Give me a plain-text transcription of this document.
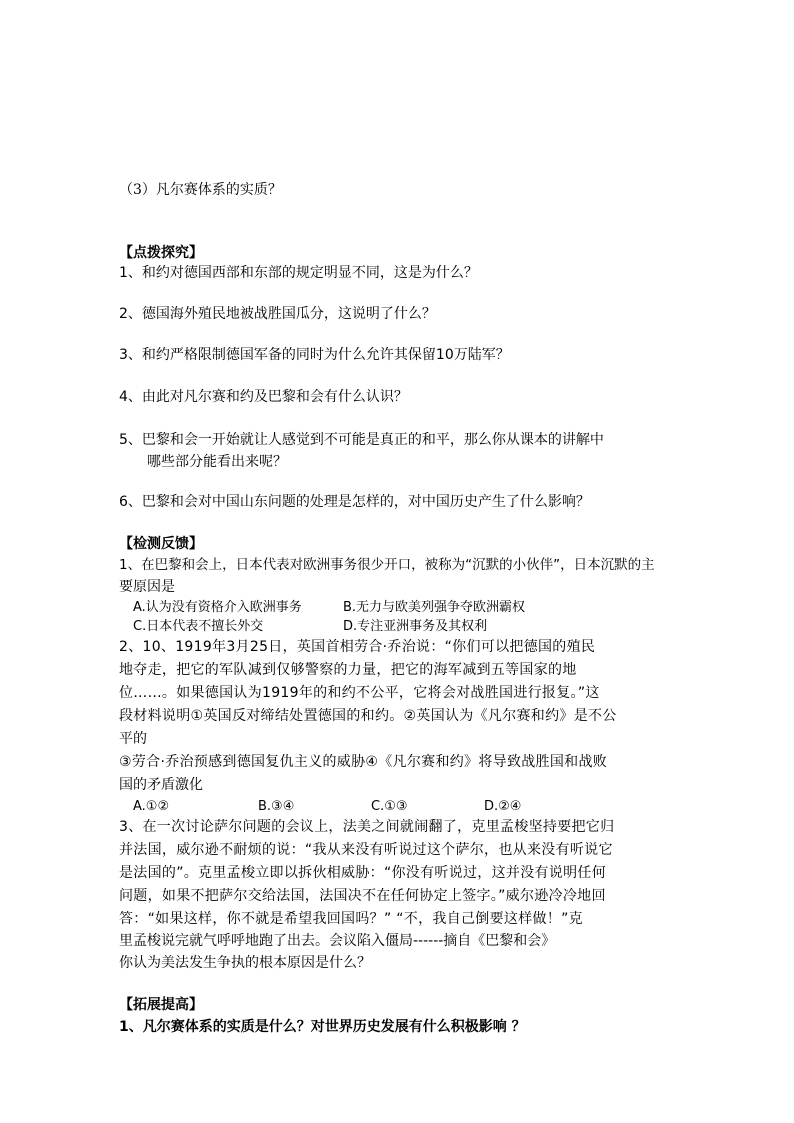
（3）凡尔赛体系的实质？
【点拨探究】
1、和约对德国西部和东部的规定明显不同，这是为什么？
2、德国海外殖民地被战胜国瓜分，这说明了什么？
3、和约严格限制德国军备的同时为什么允许其保留10万陆军？
4、由此对凡尔赛和约及巴黎和会有什么认识？
5、巴黎和会一开始就让人感觉到不可能是真正的和平，那么你从课本的讲解中
哪些部分能看出来呢？
6、巴黎和会对中国山东问题的处理是怎样的，对中国历史产生了什么影响？
【检测反馈】
1、在巴黎和会上，日本代表对欧洲事务很少开口，被称为“沉默的小伙伴”，日本沉默的主
要原因是
A.认为没有资格介入欧洲事务	B.无力与欧美列强争夺欧洲霸权
C.日本代表不擅长外交	D.专注亚洲事务及其权利
2、10、1919年3月25日，英国首相劳合·乔治说：“你们可以把德国的殖民
地夺走，把它的军队减到仅够警察的力量，把它的海军减到五等国家的地
位……。如果德国认为1919年的和约不公平，它将会对战胜国进行报复。”这
段材料说明①英国反对缔结处置德国的和约。②英国认为《凡尔赛和约》是不公
平的
③劳合·乔治预感到德国复仇主义的威胁④《凡尔赛和约》将导致战胜国和战败
国的矛盾激化
A.①②	B.③④	C.①③	D.②④
3、在一次讨论萨尔问题的会议上，法美之间就闹翻了，克里孟梭坚持要把它归
并法国，威尔逊不耐烦的说：“我从来没有听说过这个萨尔，也从来没有听说它
是法国的”。克里孟梭立即以拆伙相威胁：“你没有听说过，这并没有说明任何
问题，如果不把萨尔交给法国，法国决不在任何协定上签字。”威尔逊冷冷地回
答：“如果这样，你不就是希望我回国吗？” “不，我自己倒要这样做！”克
里孟梭说完就气呼呼地跑了出去。会议陷入僵局------摘自《巴黎和会》
你认为美法发生争执的根本原因是什么？
【拓展提高】
1、凡尔赛体系的实质是什么？对世界历史发展有什么积极影响 ？
